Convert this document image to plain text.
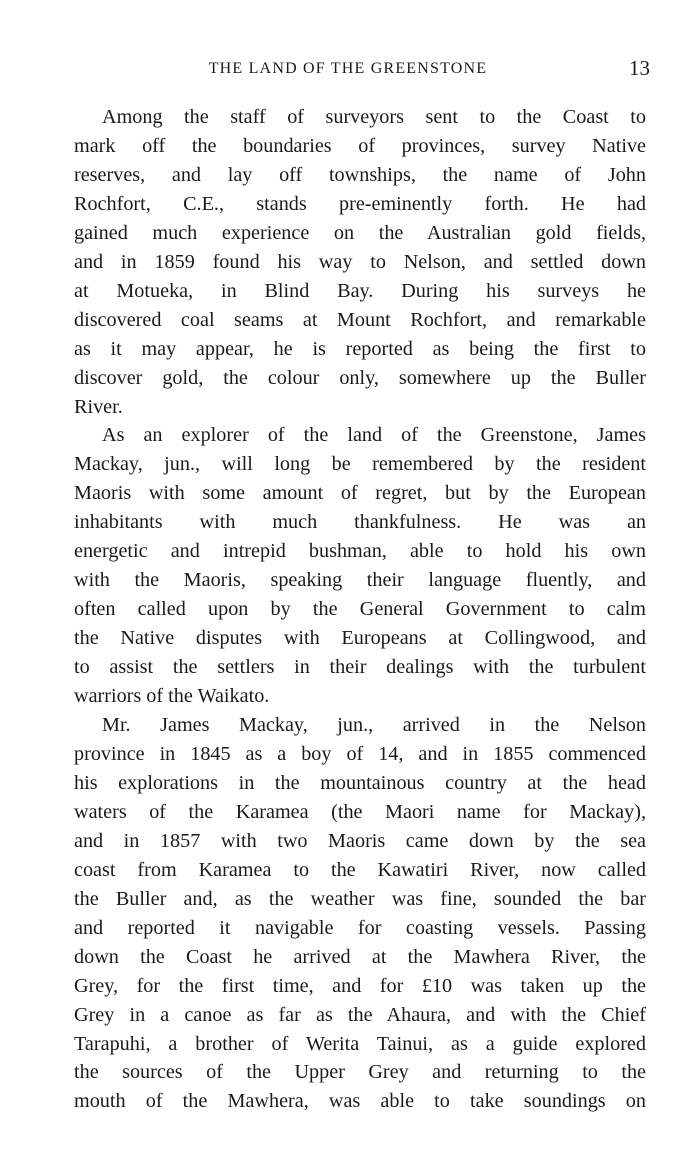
THE LAND OF THE GREENSTONE	13

Among the staff of surveyors sent to the Coast to
mark off the boundaries of provinces, survey Native
reserves, and lay off townships, the name of John
Rochfort, C.E., stands pre-eminently forth. He had
gained much experience on the Australian gold fields,
and in 1859 found his way to Nelson, and settled down
at Motueka, in Blind Bay. During his surveys he
discovered coal seams at Mount Rochfort, and remarkable
as it may appear, he is reported as being the first to
discover gold, the colour only, somewhere up the Buller
River.

As an explorer of the land of the Greenstone, James
Mackay, jun., will long be remembered by the resident
Maoris with some amount of regret, but by the European
inhabitants with much thankfulness. He was an
energetic and intrepid bushman, able to hold his own
with the Maoris, speaking their language fluently, and
often called upon by the General Government to calm
the Native disputes with Europeans at Collingwood, and
to assist the settlers in their dealings with the turbulent
warriors of the Waikato.

Mr. James Mackay, jun., arrived in the Nelson
province in 1845 as a boy of 14, and in 1855 commenced
his explorations in the mountainous country at the head
waters of the Karamea (the Maori name for Mackay),
and in 1857 with two Maoris came down by the sea
coast from Karamea to the Kawatiri River, now called
the Buller and, as the weather was fine, sounded the bar
and reported it navigable for coasting vessels. Passing
down the Coast he arrived at the Mawhera River, the
Grey, for the first time, and for £10 was taken up the
Grey in a canoe as far as the Ahaura, and with the Chief
Tarapuhi, a brother of Werita Tainui, as a guide explored
the sources of the Upper Grey and returning to the
mouth of the Mawhera, was able to take soundings on
